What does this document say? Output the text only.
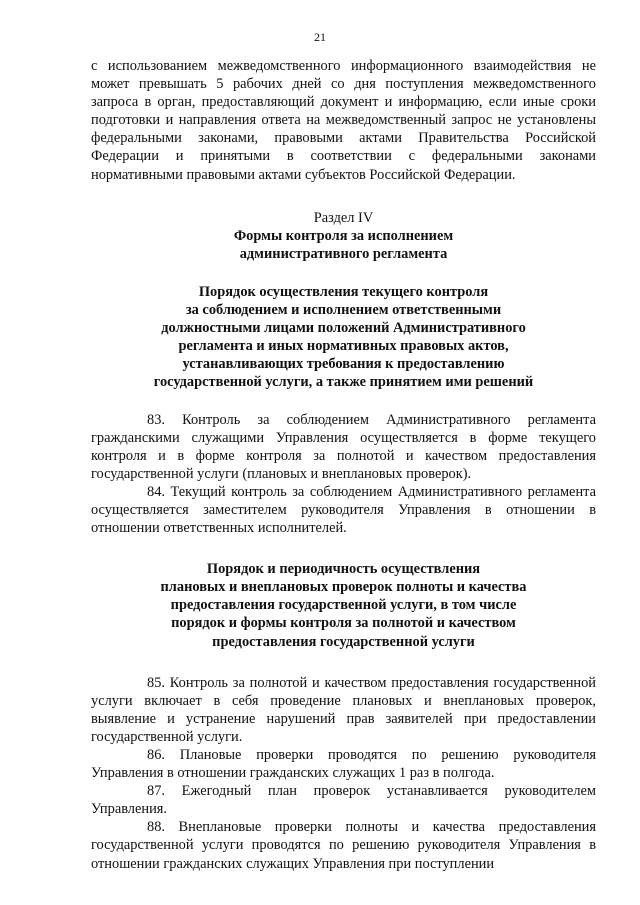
21

с использованием межведомственного информационного взаимодействия не может превышать 5 рабочих дней со дня поступления межведомственного запроса в орган, предоставляющий документ и информацию, если иные сроки подготовки и направления ответа на межведомственный запрос не установлены федеральными законами, правовыми актами Правительства Российской Федерации и принятыми в соответствии с федеральными законами нормативными правовыми актами субъектов Российской Федерации.

Раздел IV

Формы контроля за исполнением

административного регламента

Порядок осуществления текущего контроля

за соблюдением и исполнением ответственными

должностными лицами положений Административного

регламента и иных нормативных правовых актов,

устанавливающих требования к предоставлению

государственной услуги, а также принятием ими решений

83. Контроль за соблюдением Административного регламента гражданскими служащими Управления осуществляется в форме текущего контроля и в форме контроля за полнотой и качеством предоставления государственной услуги (плановых и внеплановых проверок).

84. Текущий контроль за соблюдением Административного регламента осуществляется заместителем руководителя Управления в отношении в отношении ответственных исполнителей.

Порядок и периодичность осуществления

плановых и внеплановых проверок полноты и качества

предоставления государственной услуги, в том числе

порядок и формы контроля за полнотой и качеством

предоставления государственной услуги

85. Контроль за полнотой и качеством предоставления государственной услуги включает в себя проведение плановых и внеплановых проверок, выявление и устранение нарушений прав заявителей при предоставлении государственной услуги.

86. Плановые проверки проводятся по решению руководителя Управления в отношении гражданских служащих 1 раз в полгода.

87. Ежегодный план проверок устанавливается руководителем Управления.

88. Внеплановые проверки полноты и качества предоставления государственной услуги проводятся по решению руководителя Управления в отношении гражданских служащих Управления при поступлении
